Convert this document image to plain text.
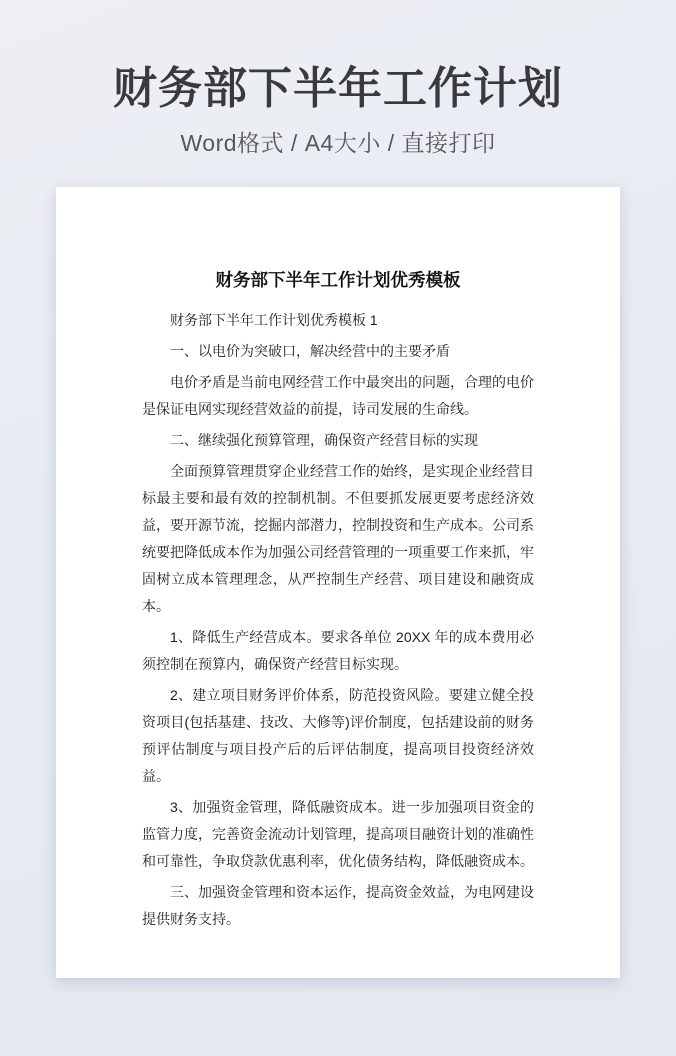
财务部下半年工作计划

Word格式 / A4大小 / 直接打印

财务部下半年工作计划优秀模板

财务部下半年工作计划优秀模板 1

一、以电价为突破口，解决经营中的主要矛盾

电价矛盾是当前电网经营工作中最突出的问题，合理的电价是保证电网实现经营效益的前提，诗司发展的生命线。

二、继续强化预算管理，确保资产经营目标的实现

全面预算管理贯穿企业经营工作的始终，是实现企业经营目标最主要和最有效的控制机制。不但要抓发展更要考虑经济效益，要开源节流，挖掘内部潜力，控制投资和生产成本。公司系统要把降低成本作为加强公司经营管理的一项重要工作来抓，牢固树立成本管理理念，从严控制生产经营、项目建设和融资成本。

1、降低生产经营成本。要求各单位 20XX 年的成本费用必须控制在预算内，确保资产经营目标实现。

2、建立项目财务评价体系，防范投资风险。要建立健全投资项目(包括基建、技改、大修等)评价制度，包括建设前的财务预评估制度与项目投产后的后评估制度，提高项目投资经济效益。

3、加强资金管理，降低融资成本。进一步加强项目资金的监管力度，完善资金流动计划管理，提高项目融资计划的准确性和可靠性，争取贷款优惠利率，优化债务结构，降低融资成本。

三、加强资金管理和资本运作，提高资金效益，为电网建设提供财务支持。
